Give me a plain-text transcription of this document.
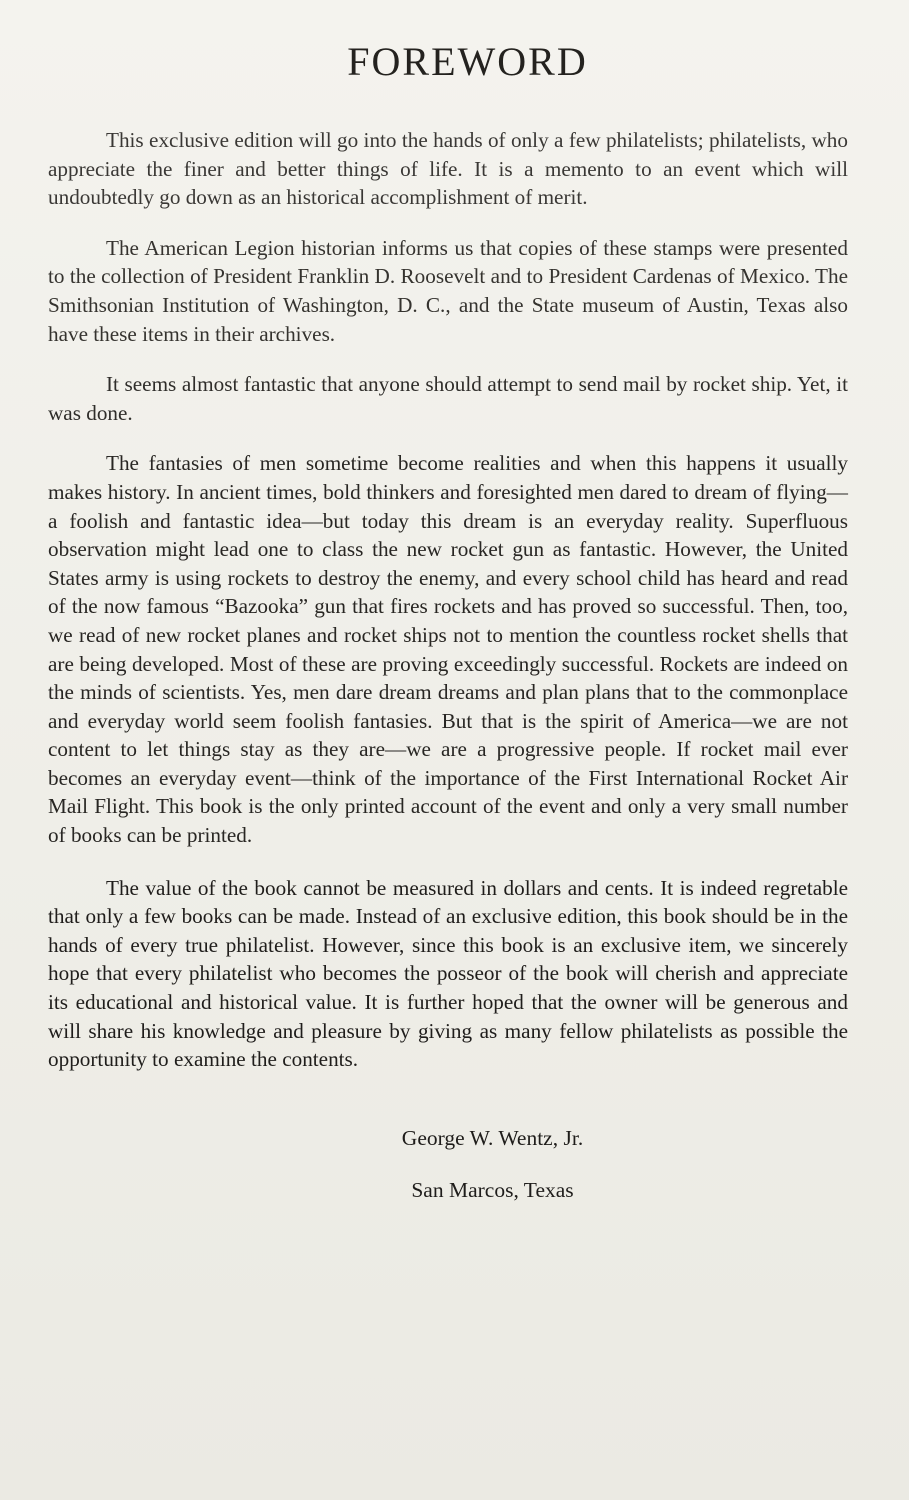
FOREWORD

This exclusive edition will go into the hands of only a few philatelists; philatelists, who appreciate the finer and better things of life. It is a memento to an event which will undoubtedly go down as an historical accomplishment of merit.

The American Legion historian informs us that copies of these stamps were presented to the collection of President Franklin D. Roosevelt and to President Cardenas of Mexico. The Smithsonian Institution of Washington, D. C., and the State museum of Austin, Texas also have these items in their archives.

It seems almost fantastic that anyone should attempt to send mail by rocket ship. Yet, it was done.

The fantasies of men sometime become realities and when this happens it usually makes history. In ancient times, bold thinkers and foresighted men dared to dream of flying—a foolish and fantastic idea—but today this dream is an everyday reality. Superfluous observation might lead one to class the new rocket gun as fantastic. However, the United States army is using rockets to destroy the enemy, and every school child has heard and read of the now famous “Bazooka” gun that fires rockets and has proved so successful. Then, too, we read of new rocket planes and rocket ships not to mention the countless rocket shells that are being developed. Most of these are proving exceedingly successful. Rockets are indeed on the minds of scientists. Yes, men dare dream dreams and plan plans that to the commonplace and everyday world seem foolish fantasies. But that is the spirit of America—we are not content to let things stay as they are—we are a progressive people. If rocket mail ever becomes an everyday event—think of the importance of the First International Rocket Air Mail Flight. This book is the only printed account of the event and only a very small number of books can be printed.

The value of the book cannot be measured in dollars and cents. It is indeed regretable that only a few books can be made. Instead of an exclusive edition, this book should be in the hands of every true philatelist. However, since this book is an exclusive item, we sincerely hope that every philatelist who becomes the posseor of the book will cherish and appreciate its educational and historical value. It is further hoped that the owner will be generous and will share his knowledge and pleasure by giving as many fellow philatelists as possible the opportunity to examine the contents.

George W. Wentz, Jr.
San Marcos, Texas
